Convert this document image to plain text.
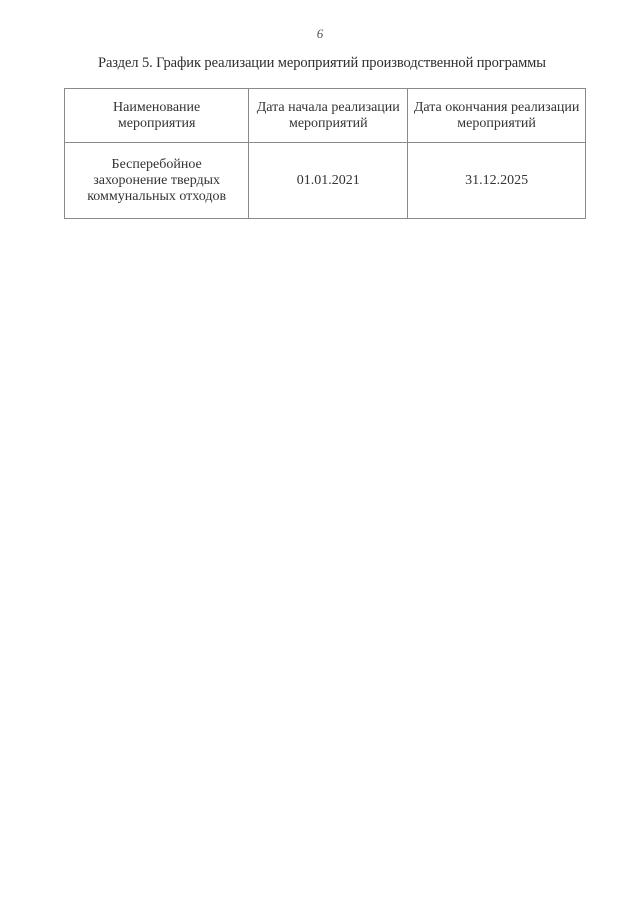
6
Раздел 5. График реализации мероприятий производственной программы
Наименование мероприятия	Дата начала реализации мероприятий	Дата окончания реализации мероприятий
Бесперебойное захоронение твердых коммунальных отходов	01.01.2021	31.12.2025
